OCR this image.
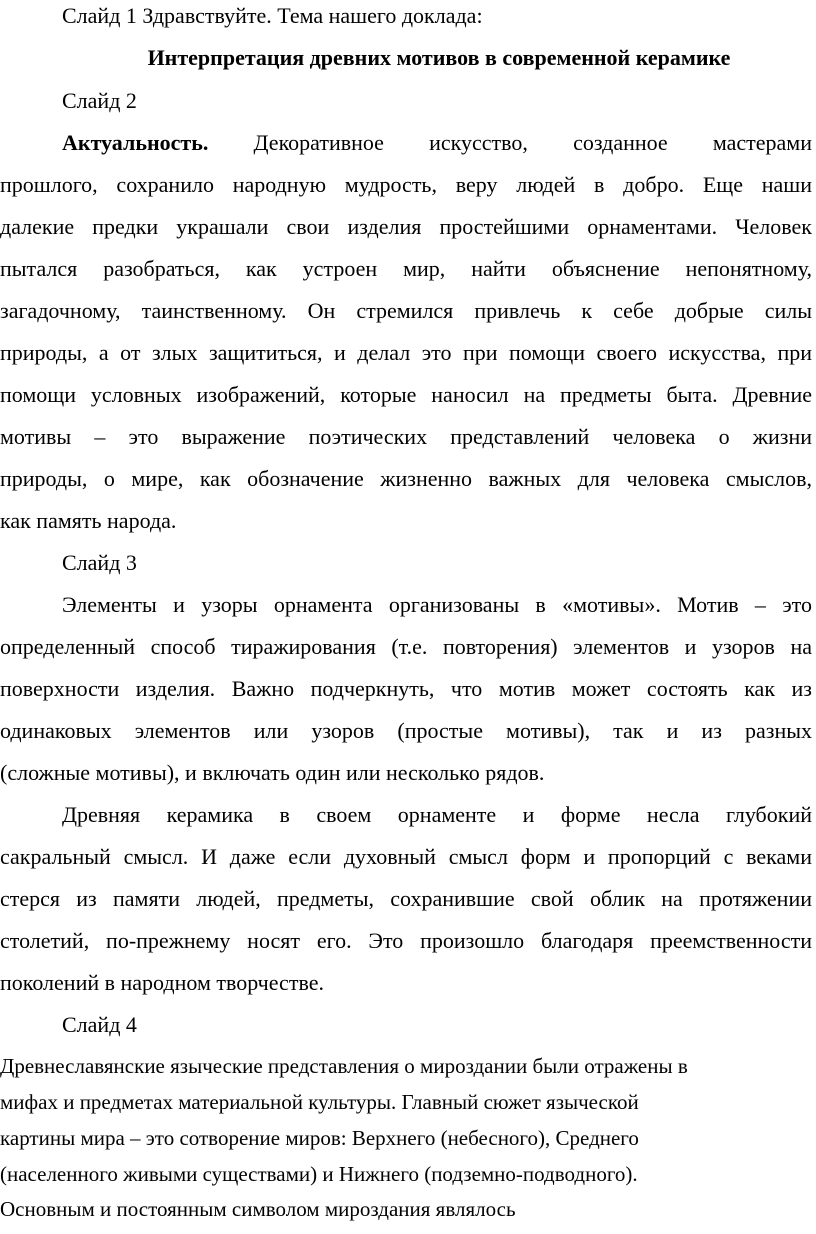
Слайд 1 Здравствуйте. Тема нашего доклада:
Интерпретация древних мотивов в современной керамике
Слайд 2
Актуальность. Декоративное искусство, созданное мастерами
прошлого, сохранило народную мудрость, веру людей в добро. Еще наши
далекие предки украшали свои изделия простейшими орнаментами. Человек
пытался разобраться, как устроен мир, найти объяснение непонятному,
загадочному, таинственному. Он стремился привлечь к себе добрые силы
природы, а от злых защититься, и делал это при помощи своего искусства, при
помощи условных изображений, которые наносил на предметы быта. Древние
мотивы – это выражение поэтических представлений человека о жизни
природы, о мире, как обозначение жизненно важных для человека смыслов,
как память народа.
Слайд 3
Элементы и узоры орнамента организованы в «мотивы». Мотив – это
определенный способ тиражирования (т.е. повторения) элементов и узоров на
поверхности изделия. Важно подчеркнуть, что мотив может состоять как из
одинаковых элементов или узоров (простые мотивы), так и из разных
(сложные мотивы), и включать один или несколько рядов.
Древняя керамика в своем орнаменте и форме несла глубокий
сакральный смысл. И даже если духовный смысл форм и пропорций с веками
стерся из памяти людей, предметы, сохранившие свой облик на протяжении
столетий, по-прежнему носят его. Это произошло благодаря преемственности
поколений в народном творчестве.
Слайд 4
Древнеславянские языческие представления о мироздании были отражены в
мифах и предметах материальной культуры. Главный сюжет языческой
картины мира – это сотворение миров: Верхнего (небесного), Среднего
(населенного живыми существами) и Нижнего (подземно-подводного).
Основным и постоянным символом мироздания являлось
